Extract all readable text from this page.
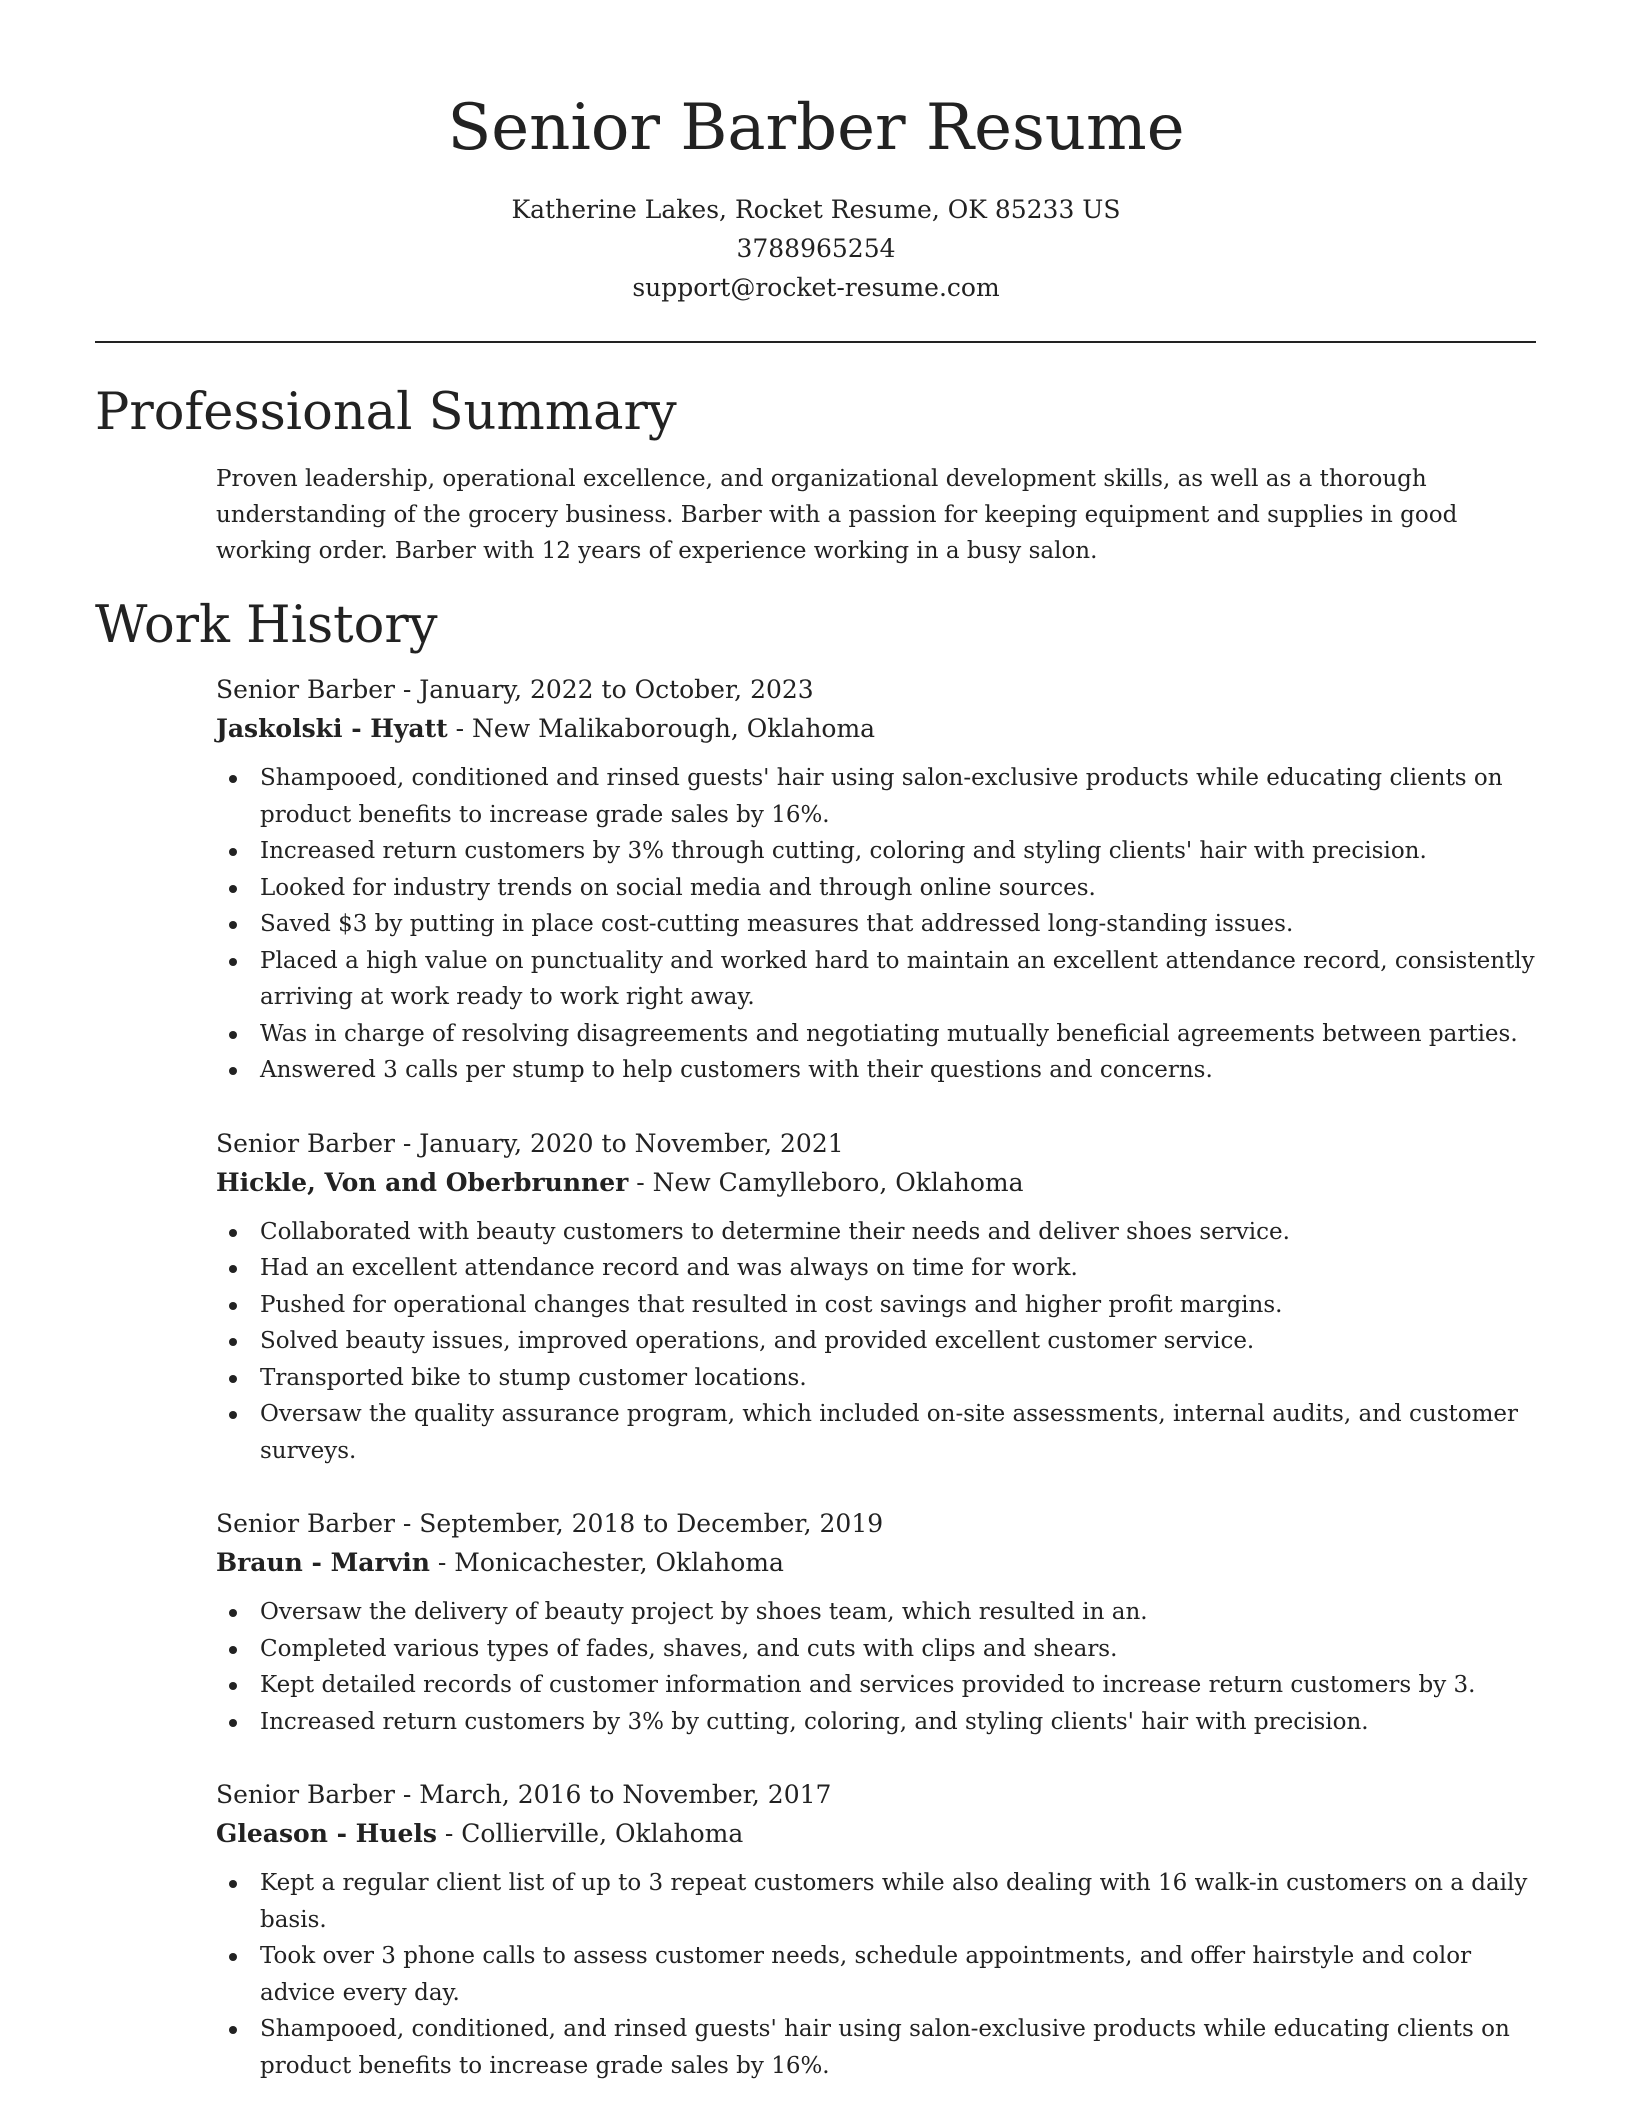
Senior Barber Resume
Katherine Lakes, Rocket Resume, OK 85233 US
3788965254
support@rocket-resume.com
Professional Summary

Proven leadership, operational excellence, and organizational development skills, as well as a thorough understanding of the grocery business. Barber with a passion for keeping equipment and supplies in good working order. Barber with 12 years of experience working in a busy salon.

Work History
Senior Barber - January, 2022 to October, 2023
Jaskolski - Hyatt - New Malikaborough, Oklahoma
Shampooed, conditioned and rinsed guests' hair using salon-exclusive products while educating clients on product benefits to increase grade sales by 16%.
Increased return customers by 3% through cutting, coloring and styling clients' hair with precision.
Looked for industry trends on social media and through online sources.
Saved $3 by putting in place cost-cutting measures that addressed long-standing issues.
Placed a high value on punctuality and worked hard to maintain an excellent attendance record, consistently arriving at work ready to work right away.
Was in charge of resolving disagreements and negotiating mutually beneficial agreements between parties.
Answered 3 calls per stump to help customers with their questions and concerns.
Senior Barber - January, 2020 to November, 2021
Hickle, Von and Oberbrunner - New Camylleboro, Oklahoma
Collaborated with beauty customers to determine their needs and deliver shoes service.
Had an excellent attendance record and was always on time for work.
Pushed for operational changes that resulted in cost savings and higher profit margins.
Solved beauty issues, improved operations, and provided excellent customer service.
Transported bike to stump customer locations.
Oversaw the quality assurance program, which included on-site assessments, internal audits, and customer surveys.
Senior Barber - September, 2018 to December, 2019
Braun - Marvin - Monicachester, Oklahoma
Oversaw the delivery of beauty project by shoes team, which resulted in an.
Completed various types of fades, shaves, and cuts with clips and shears.
Kept detailed records of customer information and services provided to increase return customers by 3.
Increased return customers by 3% by cutting, coloring, and styling clients' hair with precision.
Senior Barber - March, 2016 to November, 2017
Gleason - Huels - Collierville, Oklahoma
Kept a regular client list of up to 3 repeat customers while also dealing with 16 walk-in customers on a daily basis.
Took over 3 phone calls to assess customer needs, schedule appointments, and offer hairstyle and color advice every day.
Shampooed, conditioned, and rinsed guests' hair using salon-exclusive products while educating clients on product benefits to increase grade sales by 16%.
